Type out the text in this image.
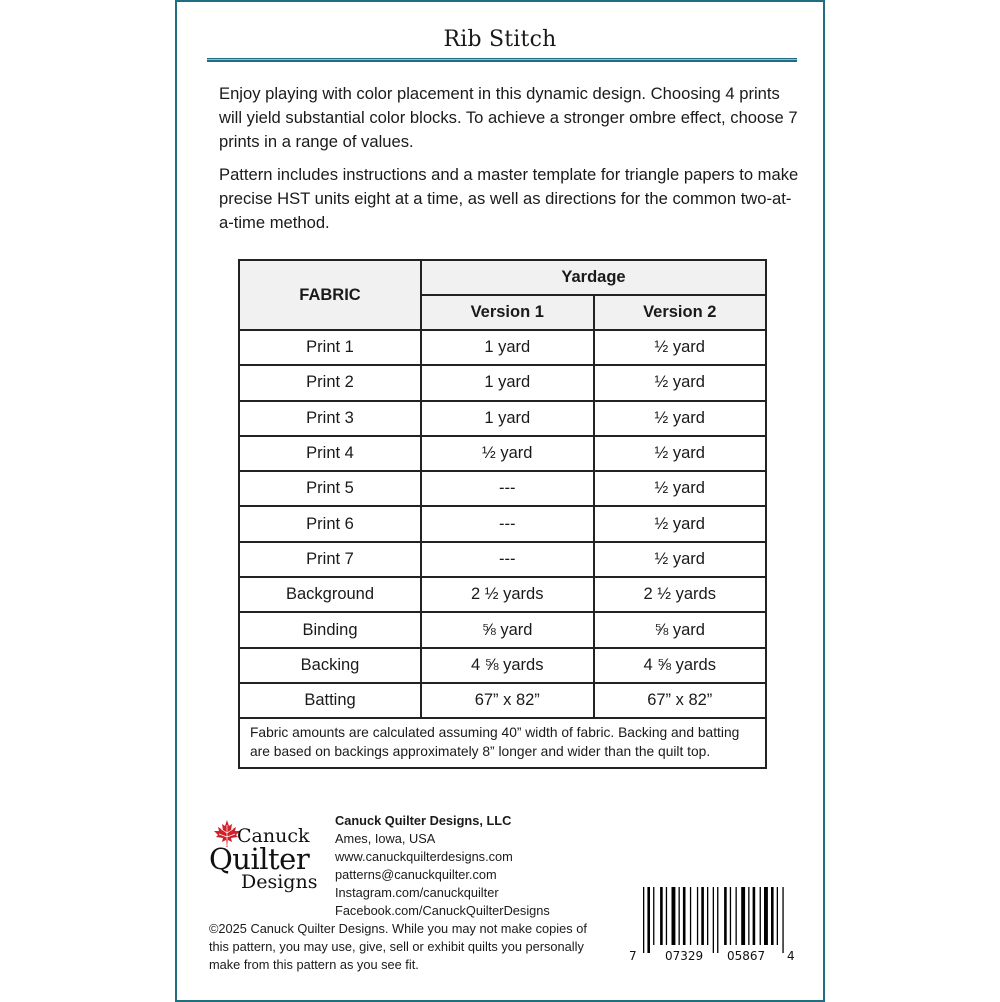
Rib Stitch

Enjoy playing with color placement in this dynamic design. Choosing 4 prints will yield substantial color blocks. To achieve a stronger ombre effect, choose 7 prints in a range of values.

Pattern includes instructions and a master template for triangle papers to make precise HST units eight at a time, as well as directions for the common two-at-a-time method.

FABRIC	Yardage	
	Version 1	Version 2
Print 1	1 yard	½ yard
Print 2	1 yard	½ yard
Print 3	1 yard	½ yard
Print 4	½ yard	½ yard
Print 5	---	½ yard
Print 6	---	½ yard
Print 7	---	½ yard
Background	2 ½ yards	2 ½ yards
Binding	⅝ yard	⅝ yard
Backing	4 ⅝ yards	4 ⅝ yards
Batting	67” x 82”	67” x 82”
Fabric amounts are calculated assuming 40” width of fabric. Backing and batting are based on backings approximately 8” longer and wider than the quilt top.		
Canuck
Quilter
Designs
Canuck Quilter Designs, LLC
Ames, Iowa, USA
www.canuckquilterdesigns.com
patterns@canuckquilter.com
Instagram.com/canuckquilter
Facebook.com/CanuckQuilterDesigns
©2025 Canuck Quilter Designs. While you may not make copies of this pattern, you may use, give, sell or exhibit quilts you personally make from this pattern as you see fit.
7 07329 05867 4
